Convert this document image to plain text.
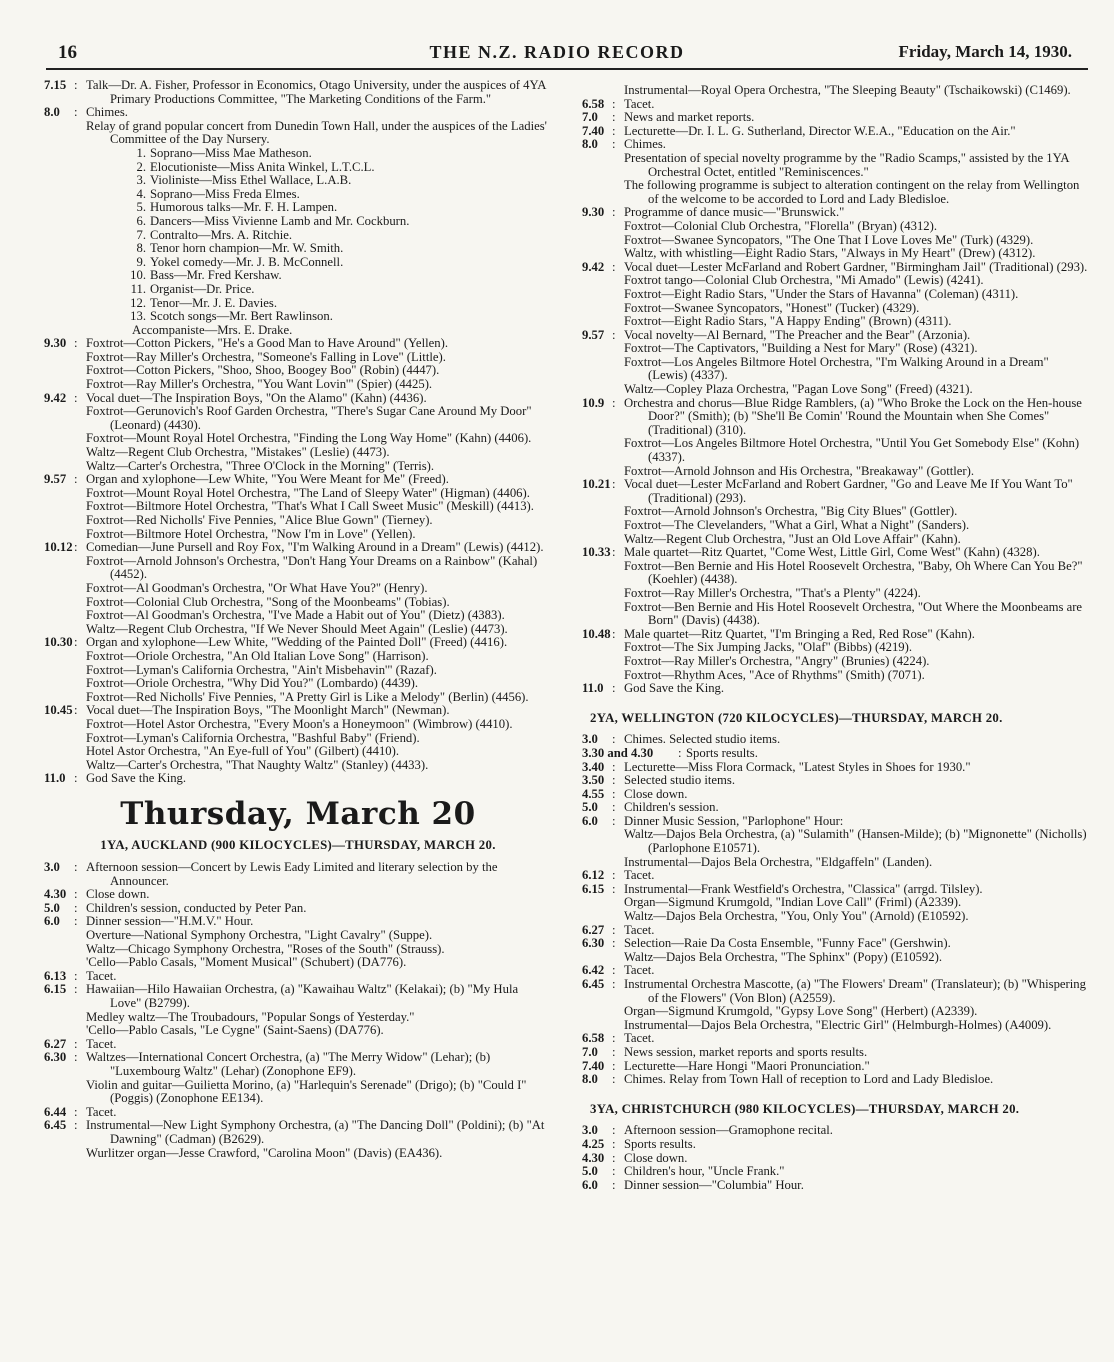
16	THE N.Z. RADIO RECORD	Friday, March 14, 1930.
7.15 : Talk—Dr. A. Fisher, Professor in Economics, Otago University, under the auspices of 4YA Primary Productions Committee, "The Marketing Conditions of the Farm."
8.0 : Chimes.
Relay of grand popular concert from Dunedin Town Hall, under the auspices of the Ladies' Committee of the Day Nursery.
1. Soprano—Miss Mae Matheson.
2. Elocutioniste—Miss Anita Winkel, L.T.C.L.
3. Violiniste—Miss Ethel Wallace, L.A.B.
4. Soprano—Miss Freda Elmes.
5. Humorous talks—Mr. F. H. Lampen.
6. Dancers—Miss Vivienne Lamb and Mr. Cockburn.
7. Contralto—Mrs. A. Ritchie.
8. Tenor horn champion—Mr. W. Smith.
9. Yokel comedy—Mr. J. B. McConnell.
10. Bass—Mr. Fred Kershaw.
11. Organist—Dr. Price.
12. Tenor—Mr. J. E. Davies.
13. Scotch songs—Mr. Bert Rawlinson.
Accompaniste—Mrs. E. Drake.
9.30 : Foxtrot—Cotton Pickers, "He's a Good Man to Have Around" (Yellen).
Foxtrot—Ray Miller's Orchestra, "Someone's Falling in Love" (Little).
Foxtrot—Cotton Pickers, "Shoo, Shoo, Boogey Boo" (Robin) (4447).
Foxtrot—Ray Miller's Orchestra, "You Want Lovin'" (Spier) (4425).
9.42 : Vocal duet—The Inspiration Boys, "On the Alamo" (Kahn) (4436).
Foxtrot—Gerunovich's Roof Garden Orchestra, "There's Sugar Cane Around My Door" (Leonard) (4430).
Foxtrot—Mount Royal Hotel Orchestra, "Finding the Long Way Home" (Kahn) (4406).
Waltz—Regent Club Orchestra, "Mistakes" (Leslie) (4473).
Waltz—Carter's Orchestra, "Three O'Clock in the Morning" (Terris).
9.57 : Organ and xylophone—Lew White, "You Were Meant for Me" (Freed).
Foxtrot—Mount Royal Hotel Orchestra, "The Land of Sleepy Water" (Higman) (4406).
Foxtrot—Biltmore Hotel Orchestra, "That's What I Call Sweet Music" (Meskill) (4413).
Foxtrot—Red Nicholls' Five Pennies, "Alice Blue Gown" (Tierney).
Foxtrot—Biltmore Hotel Orchestra, "Now I'm in Love" (Yellen).
10.12 : Comedian—June Pursell and Roy Fox, "I'm Walking Around in a Dream" (Lewis) (4412).
Foxtrot—Arnold Johnson's Orchestra, "Don't Hang Your Dreams on a Rainbow" (Kahal) (4452).
Foxtrot—Al Goodman's Orchestra, "Or What Have You?" (Henry).
Foxtrot—Colonial Club Orchestra, "Song of the Moonbeams" (Tobias).
Foxtrot—Al Goodman's Orchestra, "I've Made a Habit out of You" (Dietz) (4383).
Waltz—Regent Club Orchestra, "If We Never Should Meet Again" (Leslie) (4473).
10.30 : Organ and xylophone—Lew White, "Wedding of the Painted Doll" (Freed) (4416).
Foxtrot—Oriole Orchestra, "An Old Italian Love Song" (Harrison).
Foxtrot—Lyman's California Orchestra, "Ain't Misbehavin'" (Razaf).
Foxtrot—Oriole Orchestra, "Why Did You?" (Lombardo) (4439).
Foxtrot—Red Nicholls' Five Pennies, "A Pretty Girl is Like a Melody" (Berlin) (4456).
10.45 : Vocal duet—The Inspiration Boys, "The Moonlight March" (Newman).
Foxtrot—Hotel Astor Orchestra, "Every Moon's a Honeymoon" (Wimbrow) (4410).
Foxtrot—Lyman's California Orchestra, "Bashful Baby" (Friend).
Hotel Astor Orchestra, "An Eye-full of You" (Gilbert) (4410).
Waltz—Carter's Orchestra, "That Naughty Waltz" (Stanley) (4433).
11.0 : God Save the King.
Thursday, March 20
1YA, AUCKLAND (900 KILOCYCLES)—THURSDAY, MARCH 20.
3.0 : Afternoon session—Concert by Lewis Eady Limited and literary selection by the Announcer.
4.30 : Close down.
5.0 : Children's session, conducted by Peter Pan.
6.0 : Dinner session—"H.M.V." Hour.
Overture—National Symphony Orchestra, "Light Cavalry" (Suppe).
Waltz—Chicago Symphony Orchestra, "Roses of the South" (Strauss).
'Cello—Pablo Casals, "Moment Musical" (Schubert) (DA776).
6.13 : Tacet.
6.15 : Hawaiian—Hilo Hawaiian Orchestra, (a) "Kawaihau Waltz" (Kelakai); (b) "My Hula Love" (B2799).
Medley waltz—The Troubadours, "Popular Songs of Yesterday."
'Cello—Pablo Casals, "Le Cygne" (Saint-Saens) (DA776).
6.27 : Tacet.
6.30 : Waltzes—International Concert Orchestra, (a) "The Merry Widow" (Lehar); (b) "Luxembourg Waltz" (Lehar) (Zonophone EF9).
Violin and guitar—Guilietta Morino, (a) "Harlequin's Serenade" (Drigo); (b) "Could I" (Poggis) (Zonophone EE134).
6.44 : Tacet.
6.45 : Instrumental—New Light Symphony Orchestra, (a) "The Dancing Doll" (Poldini); (b) "At Dawning" (Cadman) (B2629).
Wurlitzer organ—Jesse Crawford, "Carolina Moon" (Davis) (EA436).
Instrumental—Royal Opera Orchestra, "The Sleeping Beauty" (Tschaikowski) (C1469).
6.58 : Tacet.
7.0 : News and market reports.
7.40 : Lecturette—Dr. I. L. G. Sutherland, Director W.E.A., "Education on the Air."
8.0 : Chimes.
Presentation of special novelty programme by the "Radio Scamps," assisted by the 1YA Orchestral Octet, entitled "Reminiscences."
The following programme is subject to alteration contingent on the relay from Wellington of the welcome to be accorded to Lord and Lady Bledisloe.
9.30 : Programme of dance music—"Brunswick."
Foxtrot—Colonial Club Orchestra, "Florella" (Bryan) (4312).
Foxtrot—Swanee Syncopators, "The One That I Love Loves Me" (Turk) (4329).
Waltz, with whistling—Eight Radio Stars, "Always in My Heart" (Drew) (4312).
9.42 : Vocal duet—Lester McFarland and Robert Gardner, "Birmingham Jail" (Traditional) (293).
Foxtrot tango—Colonial Club Orchestra, "Mi Amado" (Lewis) (4241).
Foxtrot—Eight Radio Stars, "Under the Stars of Havanna" (Coleman) (4311).
Foxtrot—Swanee Syncopators, "Honest" (Tucker) (4329).
Foxtrot—Eight Radio Stars, "A Happy Ending" (Brown) (4311).
9.57 : Vocal novelty—Al Bernard, "The Preacher and the Bear" (Arzonia).
Foxtrot—The Captivators, "Building a Nest for Mary" (Rose) (4321).
Foxtrot—Los Angeles Biltmore Hotel Orchestra, "I'm Walking Around in a Dream" (Lewis) (4337).
Waltz—Copley Plaza Orchestra, "Pagan Love Song" (Freed) (4321).
10.9 : Orchestra and chorus—Blue Ridge Ramblers, (a) "Who Broke the Lock on the Hen-house Door?" (Smith); (b) "She'll Be Comin' 'Round the Mountain when She Comes" (Traditional) (310).
Foxtrot—Los Angeles Biltmore Hotel Orchestra, "Until You Get Somebody Else" (Kohn) (4337).
Foxtrot—Arnold Johnson and His Orchestra, "Breakaway" (Gottler).
10.21 : Vocal duet—Lester McFarland and Robert Gardner, "Go and Leave Me If You Want To" (Traditional) (293).
Foxtrot—Arnold Johnson's Orchestra, "Big City Blues" (Gottler).
Foxtrot—The Clevelanders, "What a Girl, What a Night" (Sanders).
Waltz—Regent Club Orchestra, "Just an Old Love Affair" (Kahn).
10.33 : Male quartet—Ritz Quartet, "Come West, Little Girl, Come West" (Kahn) (4328).
Foxtrot—Ben Bernie and His Hotel Roosevelt Orchestra, "Baby, Oh Where Can You Be?" (Koehler) (4438).
Foxtrot—Ray Miller's Orchestra, "That's a Plenty" (4224).
Foxtrot—Ben Bernie and His Hotel Roosevelt Orchestra, "Out Where the Moonbeams are Born" (Davis) (4438).
10.48 : Male quartet—Ritz Quartet, "I'm Bringing a Red, Red Rose" (Kahn).
Foxtrot—The Six Jumping Jacks, "Olaf" (Bibbs) (4219).
Foxtrot—Ray Miller's Orchestra, "Angry" (Brunies) (4224).
Foxtrot—Rhythm Aces, "Ace of Rhythms" (Smith) (7071).
11.0 : God Save the King.
2YA, WELLINGTON (720 KILOCYCLES)—THURSDAY, MARCH 20.
3.0 : Chimes. Selected studio items.
3.30 and 4.30 : Sports results.
3.40 : Lecturette—Miss Flora Cormack, "Latest Styles in Shoes for 1930."
3.50 : Selected studio items.
4.55 : Close down.
5.0 : Children's session.
6.0 : Dinner Music Session, "Parlophone" Hour:
Waltz—Dajos Bela Orchestra, (a) "Sulamith" (Hansen-Milde); (b) "Mignonette" (Nicholls) (Parlophone E10571).
Instrumental—Dajos Bela Orchestra, "Eldgaffeln" (Landen).
6.12 : Tacet.
6.15 : Instrumental—Frank Westfield's Orchestra, "Classica" (arrgd. Tilsley).
Organ—Sigmund Krumgold, "Indian Love Call" (Friml) (A2339).
Waltz—Dajos Bela Orchestra, "You, Only You" (Arnold) (E10592).
6.27 : Tacet.
6.30 : Selection—Raie Da Costa Ensemble, "Funny Face" (Gershwin).
Waltz—Dajos Bela Orchestra, "The Sphinx" (Popy) (E10592).
6.42 : Tacet.
6.45 : Instrumental Orchestra Mascotte, (a) "The Flowers' Dream" (Translateur); (b) "Whispering of the Flowers" (Von Blon) (A2559).
Organ—Sigmund Krumgold, "Gypsy Love Song" (Herbert) (A2339).
Instrumental—Dajos Bela Orchestra, "Electric Girl" (Helmburgh-Holmes) (A4009).
6.58 : Tacet.
7.0 : News session, market reports and sports results.
7.40 : Lecturette—Hare Hongi "Maori Pronunciation."
8.0 : Chimes. Relay from Town Hall of reception to Lord and Lady Bledisloe.
3YA, CHRISTCHURCH (980 KILOCYCLES)—THURSDAY, MARCH 20.
3.0 : Afternoon session—Gramophone recital.
4.25 : Sports results.
4.30 : Close down.
5.0 : Children's hour, "Uncle Frank."
6.0 : Dinner session—"Columbia" Hour.
